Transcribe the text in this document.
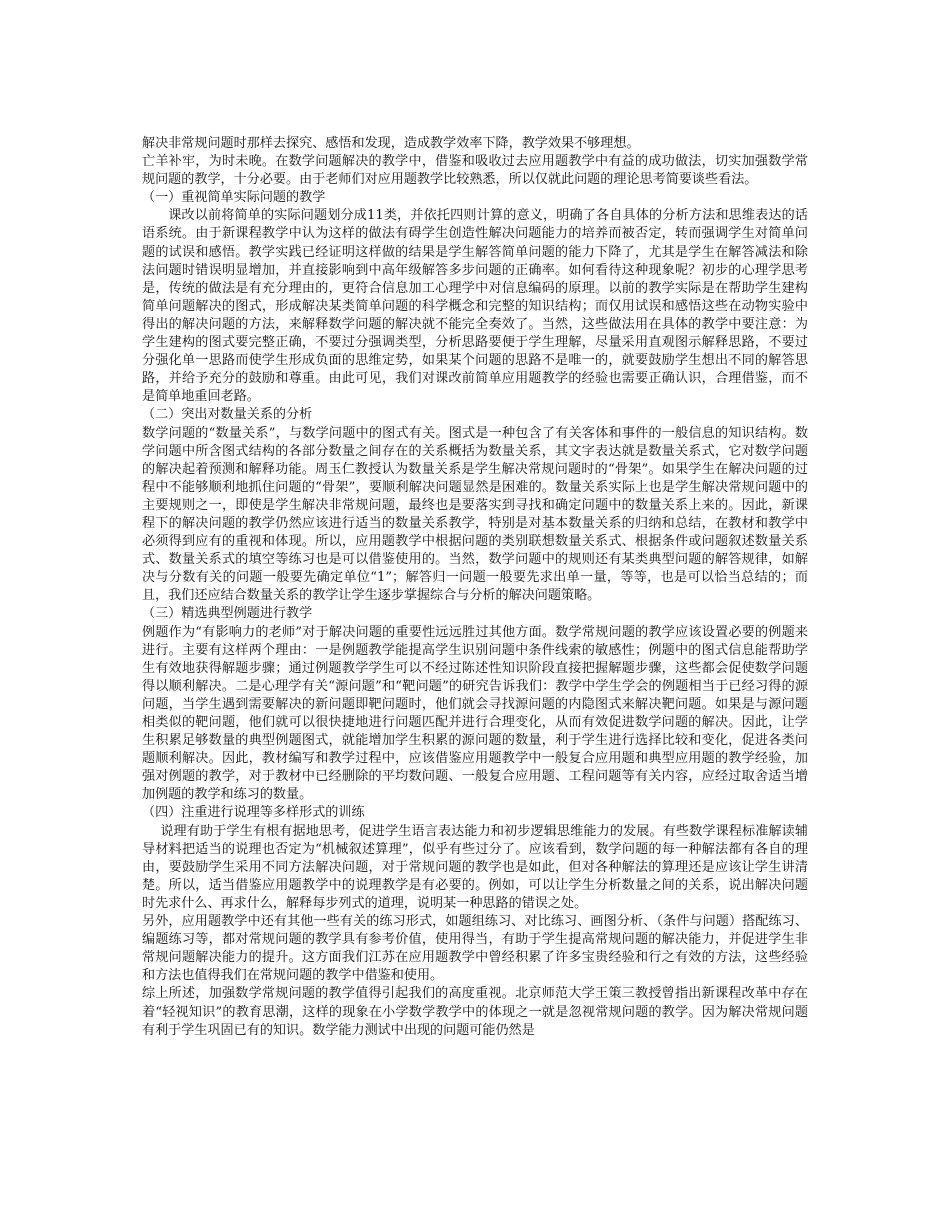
解决非常规问题时那样去探究、感悟和发现，造成教学效率下降，教学效果不够理想。

亡羊补牢，为时未晚。在数学问题解决的教学中，借鉴和吸收过去应用题教学中有益的成功做法，切实加强数学常规问题的教学，十分必要。由于老师们对应用题教学比较熟悉，所以仅就此问题的理论思考简要谈些看法。

（一）重视简单实际问题的教学

课改以前将简单的实际问题划分成11类，并依托四则计算的意义，明确了各自具体的分析方法和思维表达的话语系统。由于新课程教学中认为这样的做法有碍学生创造性解决问题能力的培养而被否定，转而强调学生对简单问题的试误和感悟。教学实践已经证明这样做的结果是学生解答简单问题的能力下降了，尤其是学生在解答减法和除法问题时错误明显增加，并直接影响到中高年级解答多步问题的正确率。如何看待这种现象呢？初步的心理学思考是，传统的做法是有充分理由的，更符合信息加工心理学中对信息编码的原理。以前的教学实际是在帮助学生建构简单问题解决的图式，形成解决某类简单问题的科学概念和完整的知识结构；而仅用试误和感悟这些在动物实验中得出的解决问题的方法，来解释数学问题的解决就不能完全奏效了。当然，这些做法用在具体的教学中要注意：为学生建构的图式要完整正确，不要过分强调类型，分析思路要便于学生理解，尽量采用直观图示解释思路，不要过分强化单一思路而使学生形成负面的思维定势，如果某个问题的思路不是唯一的，就要鼓励学生想出不同的解答思路，并给予充分的鼓励和尊重。由此可见，我们对课改前简单应用题教学的经验也需要正确认识，合理借鉴，而不是简单地重回老路。

（二）突出对数量关系的分析

数学问题的“数量关系”，与数学问题中的图式有关。图式是一种包含了有关客体和事件的一般信息的知识结构。数学问题中所含图式结构的各部分数量之间存在的关系概括为数量关系，其文字表达就是数量关系式，它对数学问题的解决起着预测和解释功能。周玉仁教授认为数量关系是学生解决常规问题时的“骨架”。如果学生在解决问题的过程中不能够顺利地抓住问题的“骨架”，要顺利解决问题显然是困难的。数量关系实际上也是学生解决常规问题中的主要规则之一，即使是学生解决非常规问题，最终也是要落实到寻找和确定问题中的数量关系上来的。因此，新课程下的解决问题的教学仍然应该进行适当的数量关系教学，特别是对基本数量关系的归纳和总结，在教材和教学中必须得到应有的重视和体现。所以，应用题教学中根据问题的类别联想数量关系式、根据条件或问题叙述数量关系式、数量关系式的填空等练习也是可以借鉴使用的。当然，数学问题中的规则还有某类典型问题的解答规律，如解决与分数有关的问题一般要先确定单位“1”；解答归一问题一般要先求出单一量，等等，也是可以恰当总结的；而且，我们还应结合数量关系的教学让学生逐步掌握综合与分析的解决问题策略。

（三）精选典型例题进行教学

例题作为“有影响力的老师”对于解决问题的重要性远远胜过其他方面。数学常规问题的教学应该设置必要的例题来进行。主要有这样两个理由：一是例题教学能提高学生识别问题中条件线索的敏感性；例题中的图式信息能帮助学生有效地获得解题步骤；通过例题教学学生可以不经过陈述性知识阶段直接把握解题步骤，这些都会促使数学问题得以顺利解决。二是心理学有关“源问题”和“靶问题”的研究告诉我们：教学中学生学会的例题相当于已经习得的源问题，当学生遇到需要解决的新问题即靶问题时，他们就会寻找源问题的内隐图式来解决靶问题。如果是与源问题相类似的靶问题，他们就可以很快捷地进行问题匹配并进行合理变化，从而有效促进数学问题的解决。因此，让学生积累足够数量的典型例题图式，就能增加学生积累的源问题的数量，利于学生进行选择比较和变化，促进各类问题顺利解决。因此，教材编写和教学过程中，应该借鉴应用题教学中一般复合应用题和典型应用题的教学经验，加强对例题的教学，对于教材中已经删除的平均数问题、一般复合应用题、工程问题等有关内容，应经过取舍适当增加例题的教学和练习的数量。

（四）注重进行说理等多样形式的训练

说理有助于学生有根有据地思考，促进学生语言表达能力和初步逻辑思维能力的发展。有些数学课程标准解读辅导材料把适当的说理也否定为“机械叙述算理”，似乎有些过分了。应该看到，数学问题的每一种解法都有各自的理由，要鼓励学生采用不同方法解决问题，对于常规问题的教学也是如此，但对各种解法的算理还是应该让学生讲清楚。所以，适当借鉴应用题教学中的说理教学是有必要的。例如，可以让学生分析数量之间的关系，说出解决问题时先求什么、再求什么，解释每步列式的道理，说明某一种思路的错误之处。

另外，应用题教学中还有其他一些有关的练习形式，如题组练习、对比练习、画图分析、（条件与问题）搭配练习、编题练习等，都对常规问题的教学具有参考价值，使用得当，有助于学生提高常规问题的解决能力，并促进学生非常规问题解决能力的提升。这方面我们江苏在应用题教学中曾经积累了许多宝贵经验和行之有效的方法，这些经验和方法也值得我们在常规问题的教学中借鉴和使用。

综上所述，加强数学常规问题的教学值得引起我们的高度重视。北京师范大学王策三教授曾指出新课程改革中存在着“轻视知识”的教育思潮，这样的现象在小学数学教学中的体现之一就是忽视常规问题的教学。因为解决常规问题有利于学生巩固已有的知识。数学能力测试中出现的问题可能仍然是
